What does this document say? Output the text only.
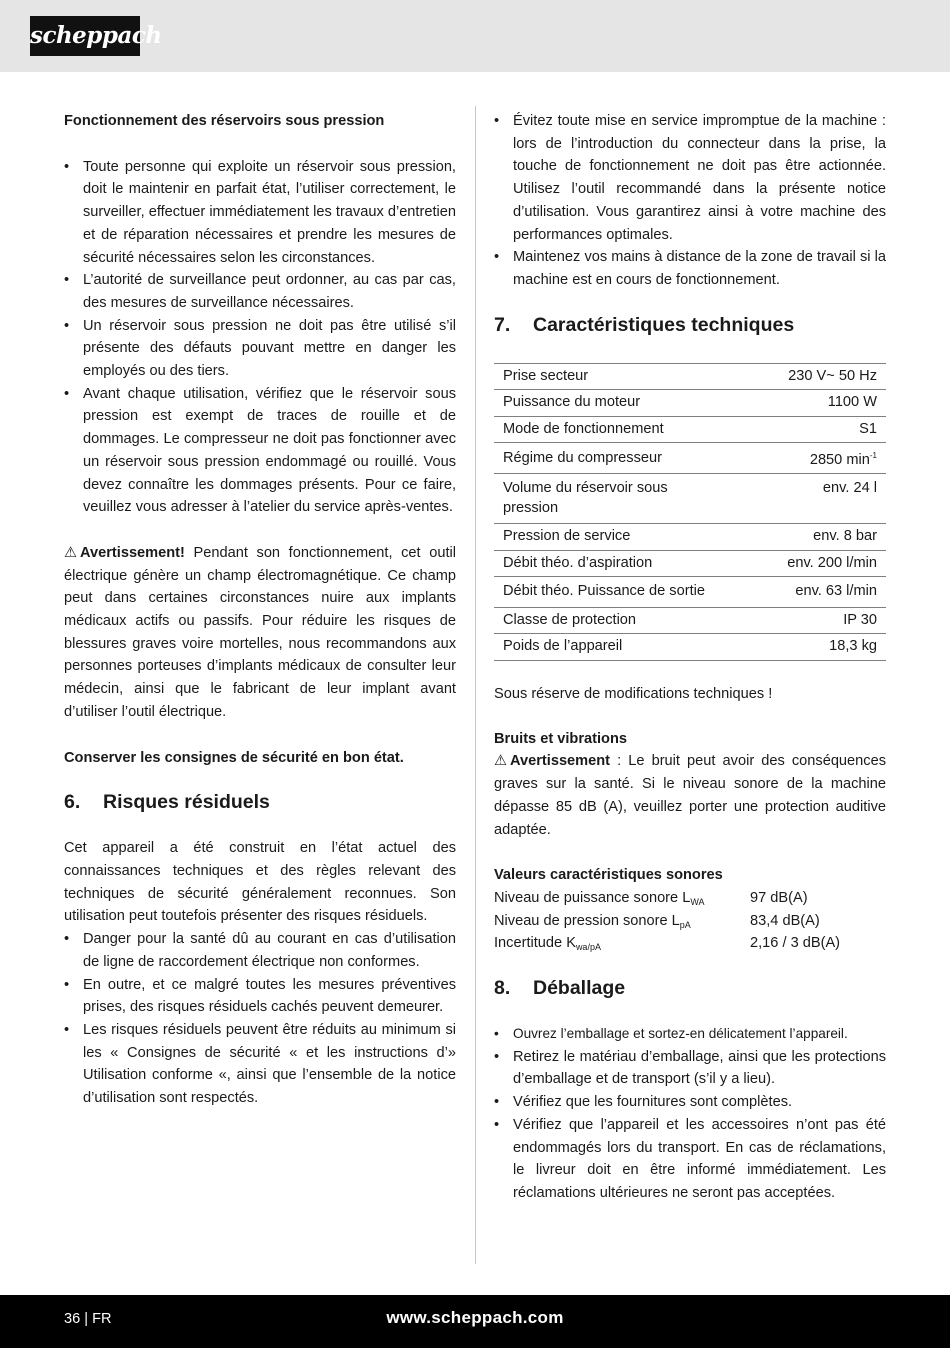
scheppach

Fonctionnement des réservoirs sous pression

• Toute personne qui exploite un réservoir sous pression, doit le maintenir en parfait état, l’utiliser correctement, le surveiller, effectuer immédiatement les travaux d’entretien et de réparation nécessaires et prendre les mesures de sécurité nécessaires selon les circonstances.
• L’autorité de surveillance peut ordonner, au cas par cas, des mesures de surveillance nécessaires.
• Un réservoir sous pression ne doit pas être utilisé s’il présente des défauts pouvant mettre en danger les employés ou des tiers.
• Avant chaque utilisation, vérifiez que le réservoir sous pression est exempt de traces de rouille et de dommages. Le compresseur ne doit pas fonctionner avec un réservoir sous pression endommagé ou rouillé. Vous devez connaître les dommages présents. Pour ce faire, veuillez vous adresser à l’atelier du service après-ventes.

⚠ Avertissement! Pendant son fonctionnement, cet outil électrique génère un champ électromagnétique. Ce champ peut dans certaines circonstances nuire aux implants médicaux actifs ou passifs. Pour réduire les risques de blessures graves voire mortelles, nous recommandons aux personnes porteuses d’implants médicaux de consulter leur médecin, ainsi que le fabricant de leur implant avant d’utiliser l’outil électrique.

Conserver les consignes de sécurité en bon état.

6.	Risques résiduels

Cet appareil a été construit en l’état actuel des connaissances techniques et des règles relevant des techniques de sécurité généralement reconnues. Son utilisation peut toutefois présenter des risques résiduels.

• Danger pour la santé dû au courant en cas d’utilisation de ligne de raccordement électrique non conformes.
• En outre, et ce malgré toutes les mesures préventives prises, des risques résiduels cachés peuvent demeurer.
• Les risques résiduels peuvent être réduits au minimum si les « Consignes de sécurité « et les instructions d’» Utilisation conforme «, ainsi que l’ensemble de la notice d’utilisation sont respectés.
• Évitez toute mise en service impromptue de la machine : lors de l’introduction du connecteur dans la prise, la touche de fonctionnement ne doit pas être actionnée. Utilisez l’outil recommandé dans la présente notice d’utilisation. Vous garantirez ainsi à votre machine des performances optimales.
• Maintenez vos mains à distance de la zone de travail si la machine est en cours de fonctionnement.
7.	Caractéristiques techniques
Prise secteur	230 V~ 50 Hz
Puissance du moteur	1100 W
Mode de fonctionnement	S1
Régime du compresseur	2850 $\min^{-1}$
Volume du réservoir sous pression	env. 24 l
Pression de service	env. 8 bar
Débit théo. d’aspiration	env. 200 l/min
Débit théo. Puissance de sortie	env. 63 l/min
Classe de protection	IP 30
Poids de l’appareil	18,3 kg

Sous réserve de modifications techniques !

Bruits et vibrations

⚠ Avertissement : Le bruit peut avoir des conséquences graves sur la santé. Si le niveau sonore de la machine dépasse 85 dB (A), veuillez porter une protection auditive adaptée.

Valeurs caractéristiques sonores

Niveau de puissance sonore $L_{WA}$	97 dB(A)
Niveau de pression sonore $L_{pA}$	83,4 dB(A)
Incertitude $K_{wa/pA}$	2,16 / 3 dB(A)
8.	Déballage
• Ouvrez l’emballage et sortez-en délicatement l’appareil.
• Retirez le matériau d’emballage, ainsi que les protections d’emballage et de transport (s’il y a lieu).
• Vérifiez que les fournitures sont complètes.
• Vérifiez que l’appareil et les accessoires n’ont pas été endommagés lors du transport. En cas de réclamations, le livreur doit en être informé immédiatement. Les réclamations ultérieures ne seront pas acceptées.
36 | FR	www.scheppach.com
